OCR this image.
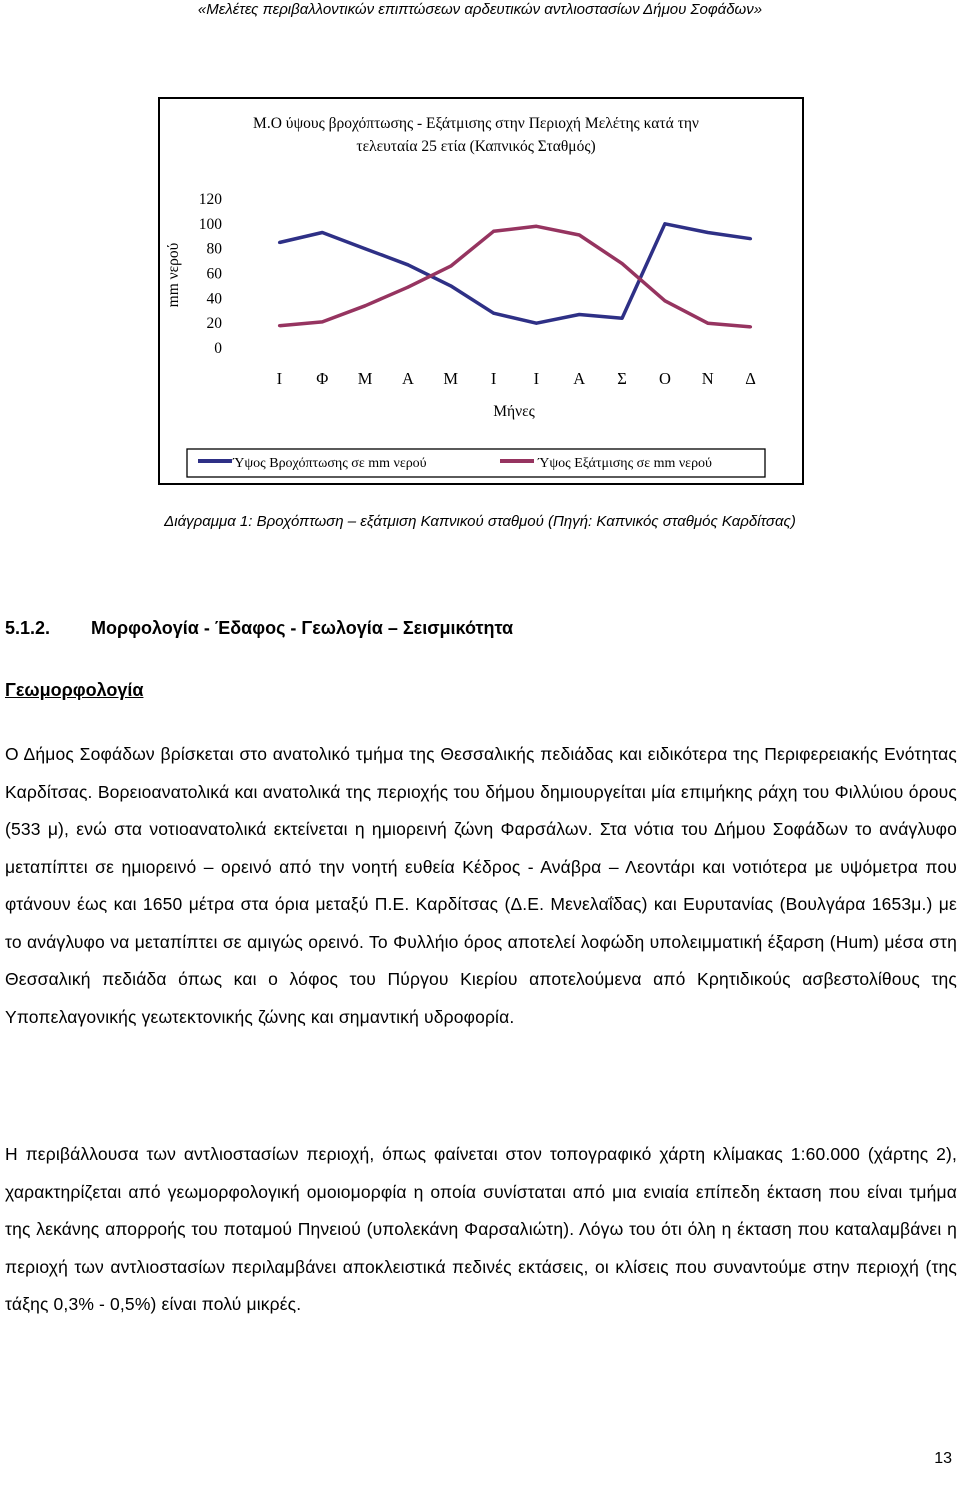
«Μελέτες περιβαλλοντικών επιπτώσεων αρδευτικών αντλιοστασίων Δήμου Σοφάδων»
Μ.Ο ύψους βροχόπτωσης - Εξάτμισης στην Περιοχή Μελέτης κατά την
τελευταία 25 ετία (Καπνικός Σταθμός)
mm νερού
Μήνες
120
100
80
60
40
20
0
Ι Φ Μ Α Μ Ι Ι Α Σ Ο Ν Δ
Ύψος Βροχόπτωσης σε mm νερού	Ύψος Εξάτμισης σε mm νερού
Διάγραμμα 1: Βροχόπτωση – εξάτμιση Καπνικού σταθμού (Πηγή: Καπνικός σταθμός Καρδίτσας)
5.1.2. Μορφολογία - Έδαφος - Γεωλογία – Σεισμικότητα
Γεωμορφολογία
Ο Δήμος Σοφάδων βρίσκεται στο ανατολικό τμήμα της Θεσσαλικής πεδιάδας και ειδικότερα της Περιφερειακής Ενότητας Καρδίτσας. Βορειοανατολικά και ανατολικά της περιοχής του δήμου δημιουργείται μία επιμήκης ράχη του Φιλλύιου όρους (533 μ), ενώ στα νοτιοανατολικά εκτείνεται η ημιορεινή ζώνη Φαρσάλων. Στα νότια του Δήμου Σοφάδων το ανάγλυφο μεταπίπτει σε ημιορεινό – ορεινό από την νοητή ευθεία Κέδρος - Ανάβρα – Λεοντάρι και νοτιότερα με υψόμετρα που φτάνουν έως και 1650 μέτρα στα όρια μεταξύ Π.Ε. Καρδίτσας (Δ.Ε. Μενελαΐδας) και Ευρυτανίας (Βουλγάρα 1653μ.) με το ανάγλυφο να μεταπίπτει σε αμιγώς ορεινό. Το Φυλλήιο όρος αποτελεί λοφώδη υπολειμματική έξαρση (Hum) μέσα στη Θεσσαλική πεδιάδα όπως και ο λόφος του Πύργου Κιερίου αποτελούμενα από Κρητιδικούς ασβεστολίθους της Υποπελαγονικής γεωτεκτονικής ζώνης και σημαντική υδροφορία.
Η περιβάλλουσα των αντλιοστασίων περιοχή, όπως φαίνεται στον τοπογραφικό χάρτη κλίμακας 1:60.000 (χάρτης 2), χαρακτηρίζεται από γεωμορφολογική ομοιομορφία η οποία συνίσταται από μια ενιαία επίπεδη έκταση που είναι τμήμα της λεκάνης απορροής του ποταμού Πηνειού (υπολεκάνη Φαρσαλιώτη). Λόγω του ότι όλη η έκταση που καταλαμβάνει η περιοχή των αντλιοστασίων περιλαμβάνει αποκλειστικά πεδινές εκτάσεις, οι κλίσεις που συναντούμε στην περιοχή (της τάξης 0,3% - 0,5%) είναι πολύ μικρές.
13
